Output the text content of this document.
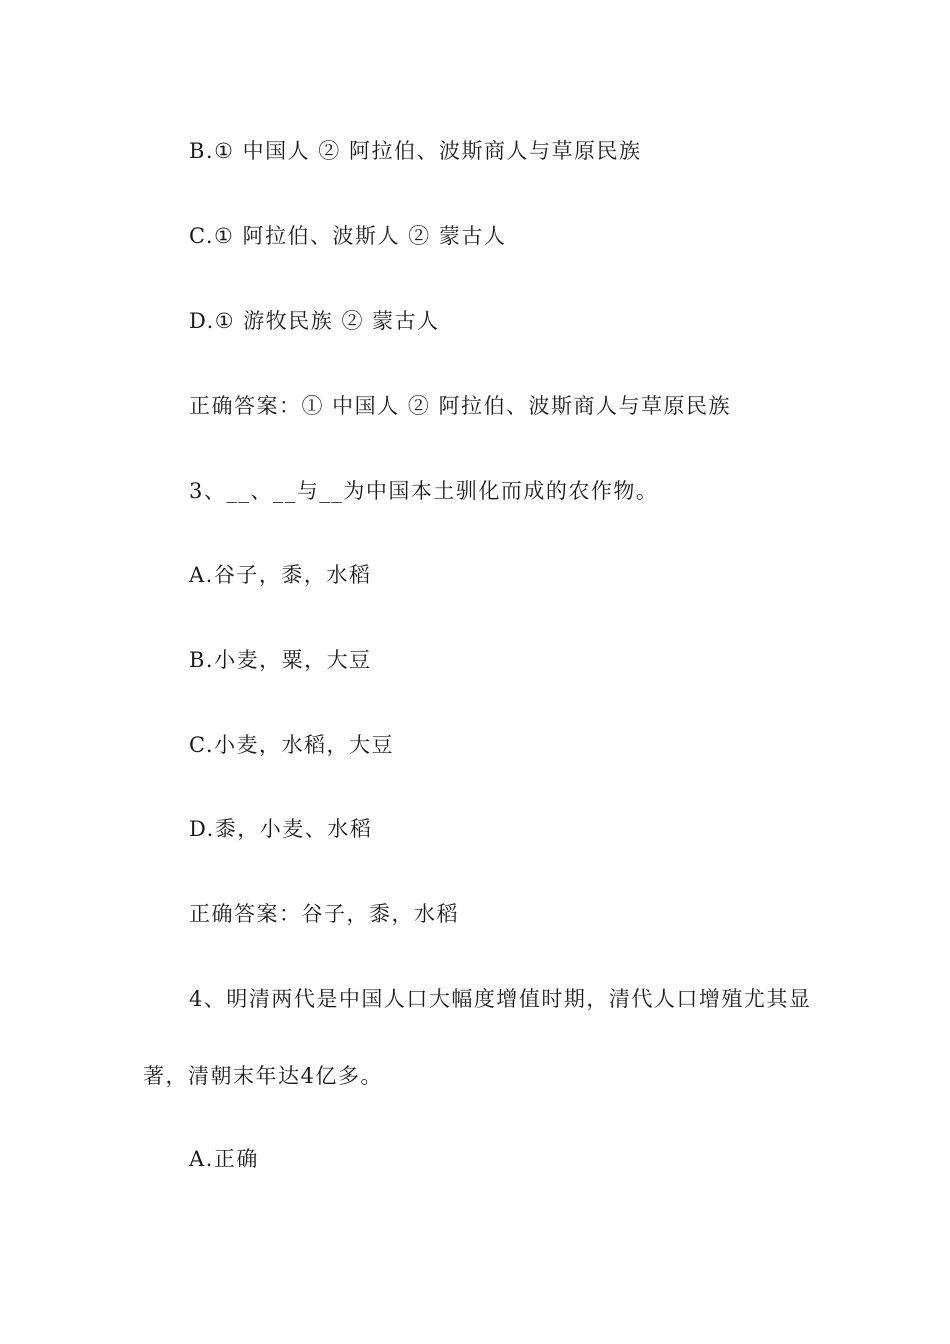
B.① 中国人 ② 阿拉伯、波斯商人与草原民族
C.① 阿拉伯、波斯人 ② 蒙古人
D.① 游牧民族 ② 蒙古人
正确答案：① 中国人 ② 阿拉伯、波斯商人与草原民族
3、__、__与__为中国本土驯化而成的农作物。
A.谷子，黍，水稻
B.小麦，粟，大豆
C.小麦，水稻，大豆
D.黍，小麦、水稻
正确答案：谷子，黍，水稻
4、明清两代是中国人口大幅度增值时期，清代人口增殖尤其显
著，清朝末年达4亿多。
A.正确
